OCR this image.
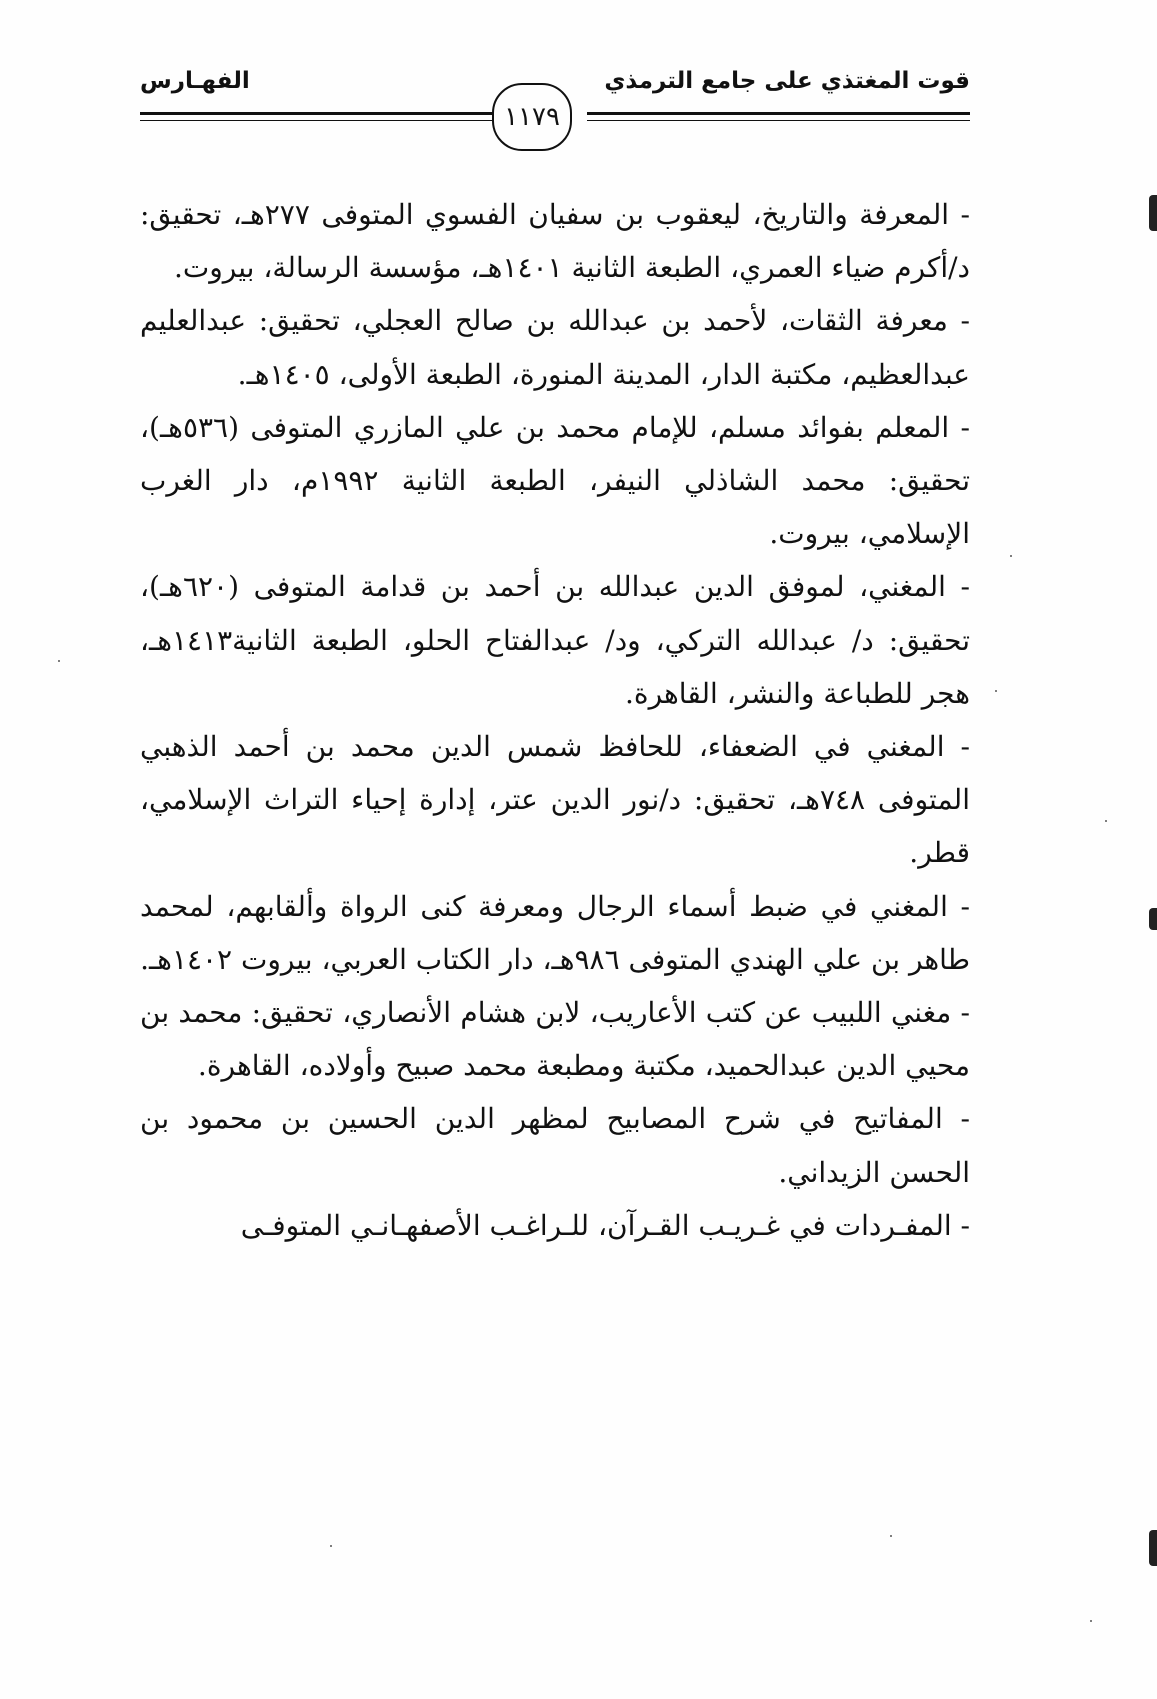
قوت المغتذي على جامع الترمذي
الفهـارس
١١٧٩

- المعرفة والتاريخ، ليعقوب بن سفيان الفسوي المتوفى ٢٧٧هـ، تحقيق: د/أكرم ضياء العمري، الطبعة الثانية ١٤٠١هـ، مؤسسة الرسالة، بيروت.

- معرفة الثقات، لأحمد بن عبدالله بن صالح العجلي، تحقيق: عبدالعليم عبدالعظيم، مكتبة الدار، المدينة المنورة، الطبعة الأولى، ١٤٠٥هـ.

- المعلم بفوائد مسلم، للإمام محمد بن علي المازري المتوفى (٥٣٦هـ)، تحقيق: محمد الشاذلي النيفر، الطبعة الثانية ١٩٩٢م، دار الغرب الإسلامي، بيروت.

- المغني، لموفق الدين عبدالله بن أحمد بن قدامة المتوفى (٦٢٠هـ)، تحقيق: د/ عبدالله التركي، ود/ عبدالفتاح الحلو، الطبعة الثانية١٤١٣هـ، هجر للطباعة والنشر، القاهرة.

- المغني في الضعفاء، للحافظ شمس الدين محمد بن أحمد الذهبي المتوفى ٧٤٨هـ، تحقيق: د/نور الدين عتر، إدارة إحياء التراث الإسلامي، قطر.

- المغني في ضبط أسماء الرجال ومعرفة كنى الرواة وألقابهم، لمحمد طاهر بن علي الهندي المتوفى ٩٨٦هـ، دار الكتاب العربي، بيروت ١٤٠٢هـ.

- مغني اللبيب عن كتب الأعاريب، لابن هشام الأنصاري، تحقيق: محمد بن محيي الدين عبدالحميد، مكتبة ومطبعة محمد صبيح وأولاده، القاهرة.

- المفاتيح في شرح المصابيح لمظهر الدين الحسين بن محمود بن الحسن الزيداني.

- المفـردات في غـريـب القـرآن، للـراغـب الأصفهـانـي المتوفـى
